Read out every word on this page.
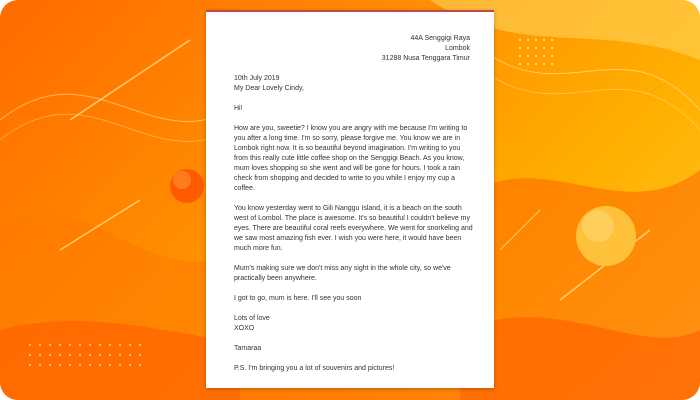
44A Senggigi Raya
Lombok
31288 Nusa Tenggara Timur
10th July 2019

My Dear Lovely Cindy,

Hi!

How are you, sweetie? I know you are angry with me because I'm writing to you after a long time. I'm so sorry, please forgive me. You know we are in Lombok right now. It is so beautiful beyond imagination. I'm writing to you from this really cute little coffee shop on the Senggigi Beach. As you know, mum loves shopping so she went and will be gone for hours. I took a rain check from shopping and decided to write to you while I enjoy my cup a coffee.

You know yesterday went to Gili Nanggu Island, it is a beach on the south west of Lombol. The place is awesome. It's so beautiful I couldn't believe my eyes. There are beautiful coral reefs everywhere. We went for snorkeling and we saw most amazing fish ever. I wish you were here, it would have been much more fun.

Mum's making sure we don't miss any sight in the whole city, so we've practically been anywhere.

I got to go, mum is here. I'll see you soon

Lots of love

XOXO

Tamaraa

P.S. I'm bringing you a lot of souvenirs and pictures!
